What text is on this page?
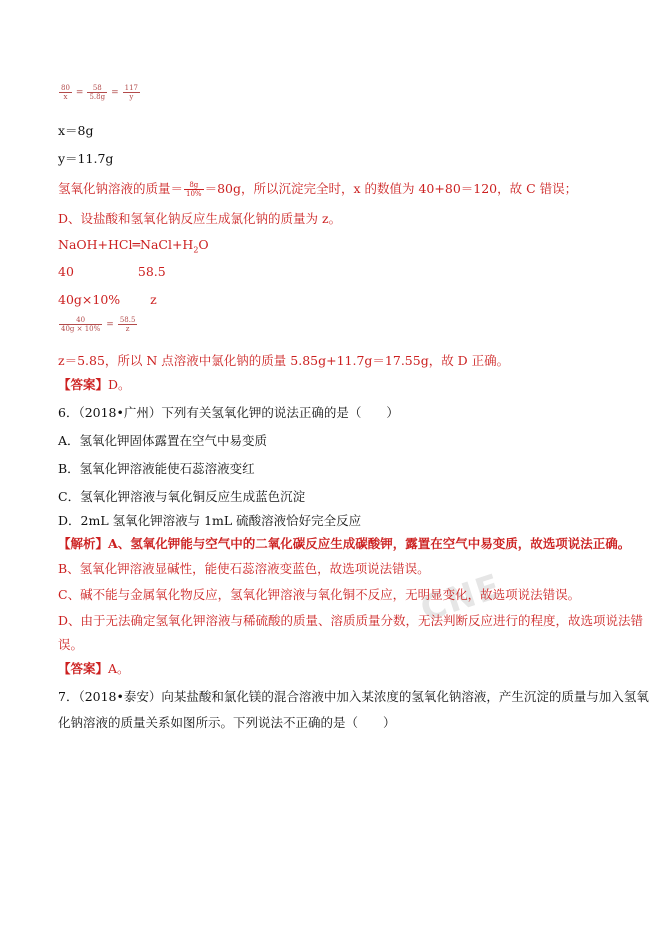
$\frac{80}{x} = \frac{58}{5.8g} = \frac{117}{y}$
x＝8g
y＝11.7g
氢氧化钠溶液的质量＝ $\frac{8g}{10\%} =80g$，所以沉淀完全时，x 的数值为 40+80＝120，故 C 错误；
D、设盐酸和氢氧化钠反应生成氯化钠的质量为 z。
$NaOH+HCl═NaCl+H_2O$
40	58.5
40g×10% z
$\frac{40}{40g \times 10\%} = \frac{58.5}{z}$
z＝5.85，所以 N 点溶液中氯化钠的质量 5.85g+11.7g＝17.55g，故 D 正确。
【答案】D。
6．（2018•广州）下列有关氢氧化钾的说法正确的是（　　）
A．氢氧化钾固体露置在空气中易变质
B．氢氧化钾溶液能使石蕊溶液变红
C．氢氧化钾溶液与氧化铜反应生成蓝色沉淀
D．2mL 氢氧化钾溶液与 1mL 硫酸溶液恰好完全反应
CNE
【解析】A、氢氧化钾能与空气中的二氧化碳反应生成碳酸钾，露置在空气中易变质，故选项说法正确。
B、氢氧化钾溶液显碱性，能使石蕊溶液变蓝色，故选项说法错误。
C、碱不能与金属氧化物反应，氢氧化钾溶液与氧化铜不反应，无明显变化，故选项说法错误。
D、由于无法确定氢氧化钾溶液与稀硫酸的质量、溶质质量分数，无法判断反应进行的程度，故选项说法错
误。
【答案】A。
7．（2018•泰安）向某盐酸和氯化镁的混合溶液中加入某浓度的氢氧化钠溶液，产生沉淀的质量与加入氢氧
化钠溶液的质量关系如图所示。下列说法不正确的是（　　）
